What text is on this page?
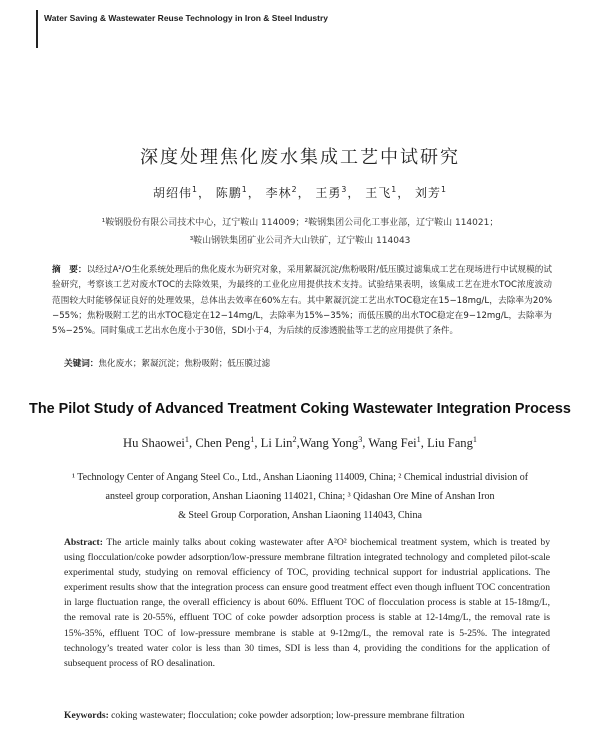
Water Saving & Wastewater Reuse Technology in Iron & Steel Industry
深度处理焦化废水集成工艺中试研究
胡绍伟$^1$， 陈鹏$^1$， 李林$^2$， 王勇$^3$， 王飞$^1$， 刘芳$^1$
¹鞍钢股份有限公司技术中心，辽宁鞍山 114009；²鞍钢集团公司化工事业部，辽宁鞍山 114021；
³鞍山钢铁集团矿业公司齐大山铁矿，辽宁鞍山 114043
摘　要：以经过A²/O生化系统处理后的焦化废水为研究对象，采用絮凝沉淀/焦粉吸附/低压膜过滤集成工艺在现场进行中试规模的试验研究，考察该工艺对废水TOC的去除效果，为最终的工业化应用提供技术支持。试验结果表明，该集成工艺在进水TOC浓度波动范围较大时能够保证良好的处理效果，总体出去效率在60%左右。其中絮凝沉淀工艺出水TOC稳定在15−18mg/L，去除率为20%−55%；焦粉吸附工艺的出水TOC稳定在12−14mg/L，去除率为15%−35%；而低压膜的出水TOC稳定在9−12mg/L，去除率为5%−25%。同时集成工艺出水色度小于30倍，SDI小于4，为后续的反渗透脱盐等工艺的应用提供了条件。
关键词：焦化废水；絮凝沉淀；焦粉吸附；低压膜过滤
The Pilot Study of Advanced Treatment Coking Wastewater Integration Process
Hu Shaowei$^1$, Chen Peng$^1$, Li Lin$^2$,Wang Yong$^3$, Wang Fei$^1$, Liu Fang$^1$
¹ Technology Center of Angang Steel Co., Ltd., Anshan Liaoning 114009, China; ² Chemical industrial division of
ansteel group corporation, Anshan Liaoning 114021, China; ³ Qidashan Ore Mine of Anshan Iron
& Steel Group Corporation, Anshan Liaoning 114043, China
Abstract: The article mainly talks about coking wastewater after A²O² biochemical treatment system, which is treated by using flocculation/coke powder adsorption/low-pressure membrane filtration integrated technology and completed pilot-scale experimental study, studying on removal efficiency of TOC, providing technical support for industrial applications. The experiment results show that the integration process can ensure good treatment effect even though influent TOC concentration in large fluctuation range, the overall efficiency is about 60%. Effluent TOC of flocculation process is stable at 15-18mg/L, the removal rate is 20-55%, effluent TOC of coke powder adsorption process is stable at 12-14mg/L, the removal rate is 15%-35%, effluent TOC of low-pressure membrane is stable at 9-12mg/L, the removal rate is 5-25%. The integrated technology’s treated water color is less than 30 times, SDI is less than 4, providing the conditions for the application of subsequent process of RO desalination.
Keywords: coking wastewater; flocculation; coke powder adsorption; low-pressure membrane filtration
